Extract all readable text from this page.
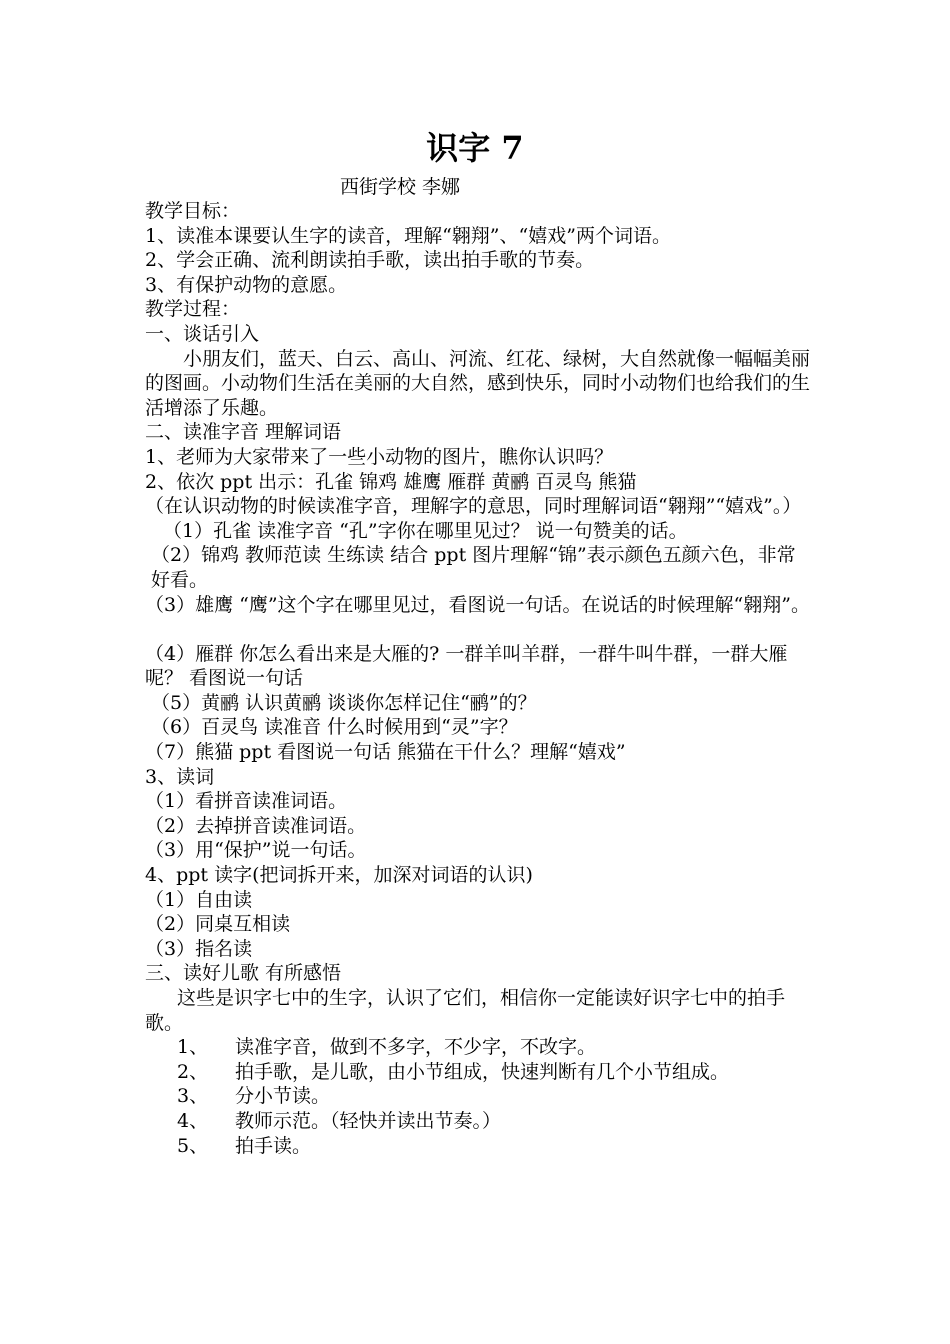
识字 7
西街学校 李娜

教学目标：

1、读准本课要认生字的读音，理解“翱翔”、“嬉戏”两个词语。

2、学会正确、流利朗读拍手歌，读出拍手歌的节奏。

3、有保护动物的意愿。

教学过程：

一、谈话引入

小朋友们，蓝天、白云、高山、河流、红花、绿树，大自然就像一幅幅美丽的图画。小动物们生活在美丽的大自然，感到快乐，同时小动物们也给我们的生活增添了乐趣。

二、读准字音 理解词语

1、老师为大家带来了一些小动物的图片，瞧你认识吗？

2、依次 ppt 出示：孔雀 锦鸡 雄鹰 雁群 黄鹂 百灵鸟 熊猫

（在认识动物的时候读准字音，理解字的意思，同时理解词语“翱翔”“嬉戏”。）

（1）孔雀 读准字音 “孔”字你在哪里见过？ 说一句赞美的话。

（2）锦鸡 教师范读 生练读 结合 ppt 图片理解“锦”表示颜色五颜六色，非常好看。

（3）雄鹰 “鹰”这个字在哪里见过，看图说一句话。在说话的时候理解“翱翔”。

（4）雁群 你怎么看出来是大雁的? 一群羊叫羊群，一群牛叫牛群，一群大雁呢？ 看图说一句话

（5）黄鹂 认识黄鹂 谈谈你怎样记住“鹂”的？

（6）百灵鸟 读准音 什么时候用到“灵”字？

（7）熊猫 ppt 看图说一句话 熊猫在干什么？理解“嬉戏”

3、读词

（1）看拼音读准词语。

（2）去掉拼音读准词语。

（3）用“保护”说一句话。

4、ppt 读字(把词拆开来，加深对词语的认识)

（1）自由读

（2）同桌互相读

（3）指名读

三、读好儿歌 有所感悟

这些是识字七中的生字，认识了它们，相信你一定能读好识字七中的拍手歌。

1、	读准字音，做到不多字，不少字，不改字。
2、	拍手歌，是儿歌，由小节组成，快速判断有几个小节组成。
3、	分小节读。
4、	教师示范。（轻快并读出节奏。）
5、	拍手读。
